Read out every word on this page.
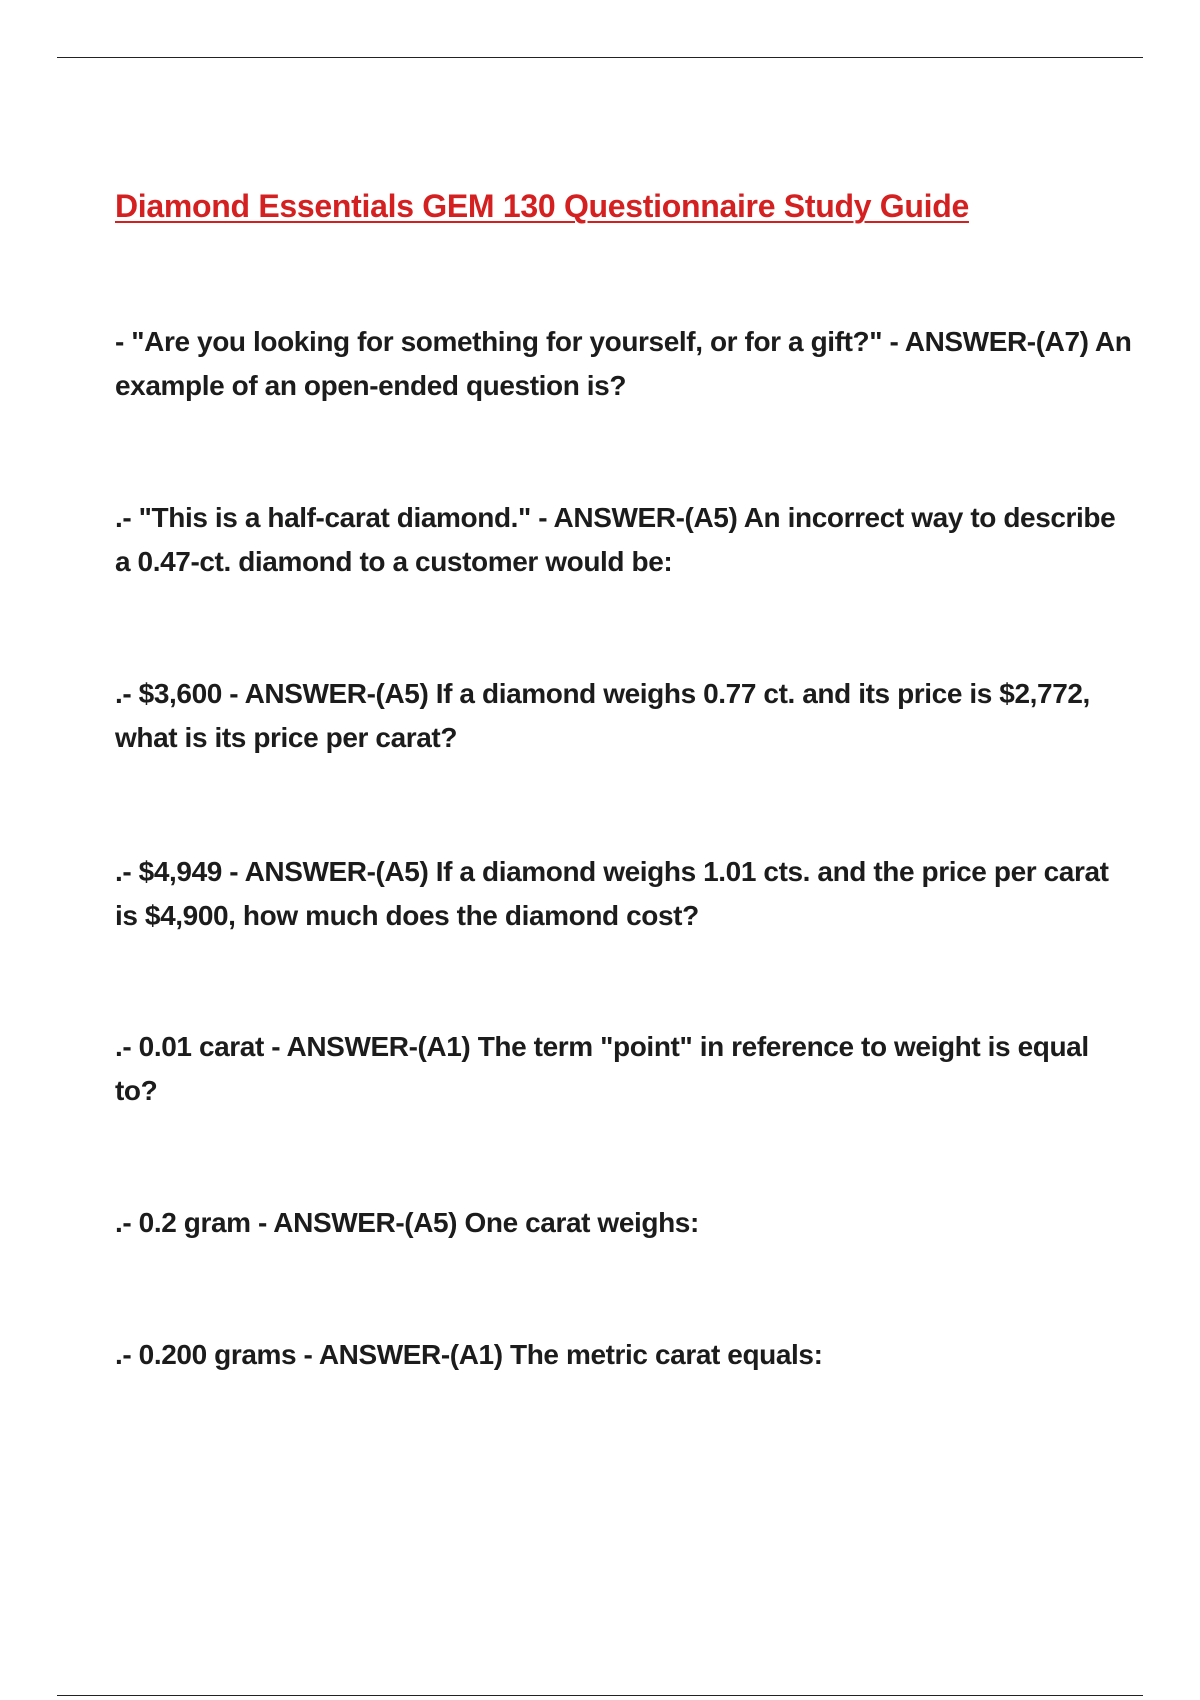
Diamond Essentials GEM 130 Questionnaire Study Guide

- "Are you looking for something for yourself, or for a gift?" - ANSWER-(A7) An example of an open-ended question is?

.- "This is a half-carat diamond." - ANSWER-(A5) An incorrect way to describe a 0.47-ct. diamond to a customer would be:

.- $3,600 - ANSWER-(A5) If a diamond weighs 0.77 ct. and its price is $2,772, what is its price per carat?

.- $4,949 - ANSWER-(A5) If a diamond weighs 1.01 cts. and the price per carat is $4,900, how much does the diamond cost?

.- 0.01 carat - ANSWER-(A1) The term "point" in reference to weight is equal to?

.- 0.2 gram - ANSWER-(A5) One carat weighs:

.- 0.200 grams - ANSWER-(A1) The metric carat equals:
